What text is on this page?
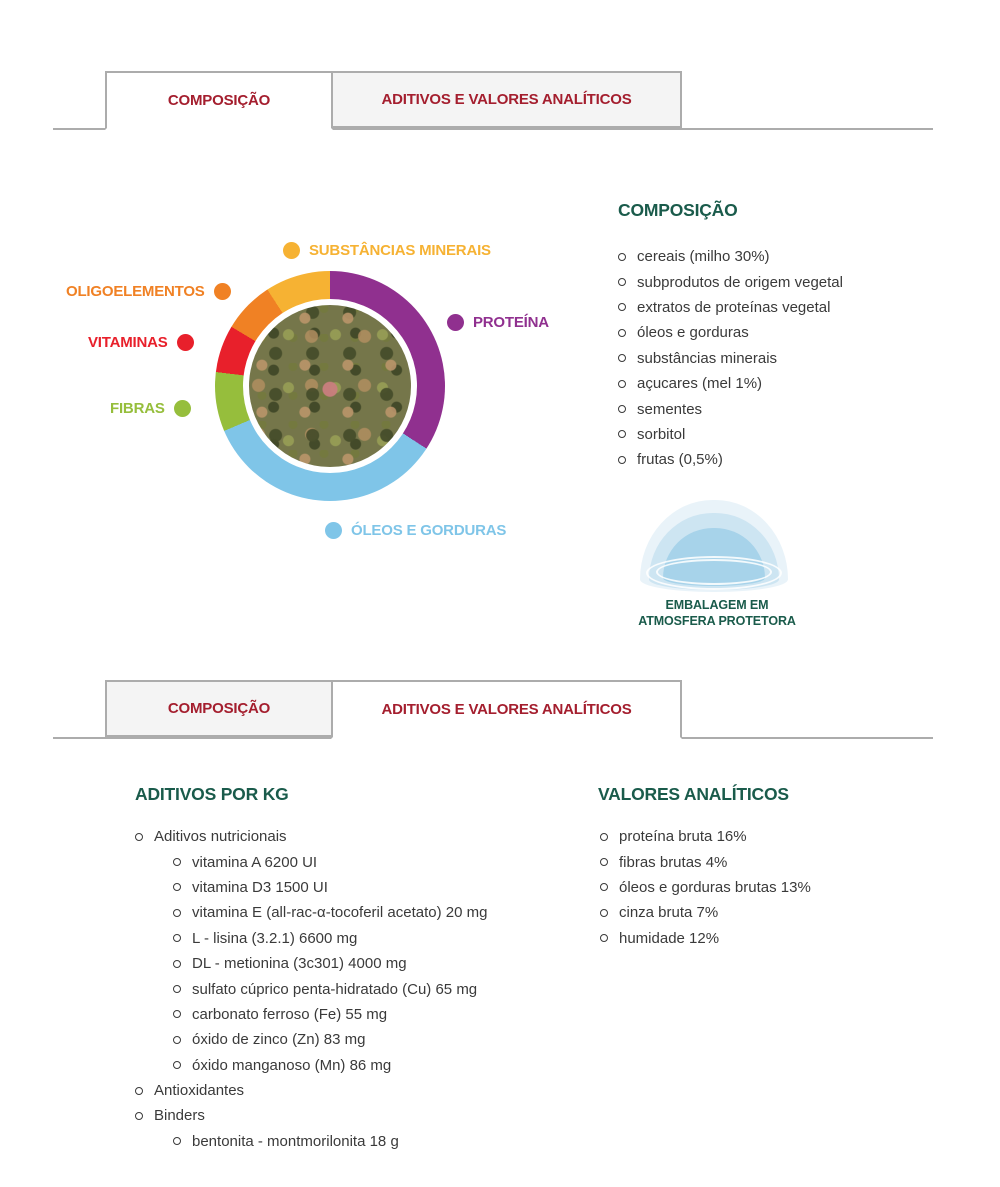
COMPOSIÇÃO	ADITIVOS E VALORES ANALÍTICOS
SUBSTÂNCIAS MINERAIS
OLIGOELEMENTOS
VITAMINAS
FIBRAS
PROTEÍNA
ÓLEOS E GORDURAS
COMPOSIÇÃO
cereais (milho 30%)
subprodutos de origem vegetal
extratos de proteínas vegetal
óleos e gorduras
substâncias minerais
açucares (mel 1%)
sementes
sorbitol
frutas (0,5%)
EMBALAGEM EM
ATMOSFERA PROTETORA
COMPOSIÇÃO	ADITIVOS E VALORES ANALÍTICOS
ADITIVOS POR KG
Aditivos nutricionais
vitamina A 6200 UI
vitamina D3 1500 UI
vitamina E (all-rac-α-tocoferil acetato) 20 mg
L - lisina (3.2.1) 6600 mg
DL - metionina (3c301) 4000 mg
sulfato cúprico penta-hidratado (Cu) 65 mg
carbonato ferroso (Fe) 55 mg
óxido de zinco (Zn) 83 mg
óxido manganoso (Mn) 86 mg
Antioxidantes
Binders
bentonita - montmorilonita 18 g
VALORES ANALÍTICOS
proteína bruta 16%
fibras brutas 4%
óleos e gorduras brutas 13%
cinza bruta 7%
humidade 12%
